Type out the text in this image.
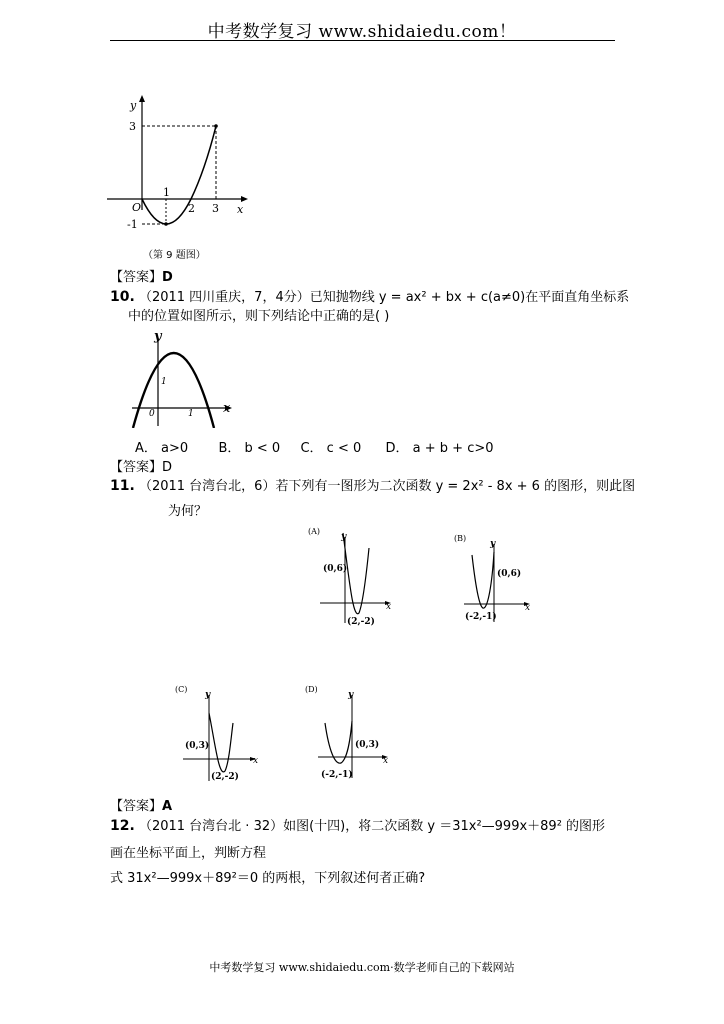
中考数学复习 www.shidaiedu.com！
y
x
3
-1
O
1
2 3
（第 9 题图）
【答案】D
10. （2011 四川重庆，7，4分）已知抛物线 y = ax² + bx + c(a≠0)在平面直角坐标系
中的位置如图所示，则下列结论中正确的是( )
y
x
0
1
1
A． a>0 B． b < 0 C． c < 0 D． a + b + c>0
【答案】D
11. （2011 台湾台北，6）若下列有一图形为二次函数 y = 2x² - 8x + 6 的图形，则此图
为何？
(A)
y
x
(0,6)
(2,-2)
(B)
y
x
(0,6)
(-2,-1)
(C)
y
x
(0,3)
(2,-2)
(D)
y
x
(0,3)
(-2,-1)
【答案】A
12. （2011 台湾台北 · 32）如图(十四)，将二次函数 y ＝31x²—999x＋89² 的图形
画在坐标平面上，判断方程
式 31x²—999x＋89²＝0 的两根，下列叙述何者正确?
中考数学复习 www.shidaiedu.com·数学老师自己的下载网站
